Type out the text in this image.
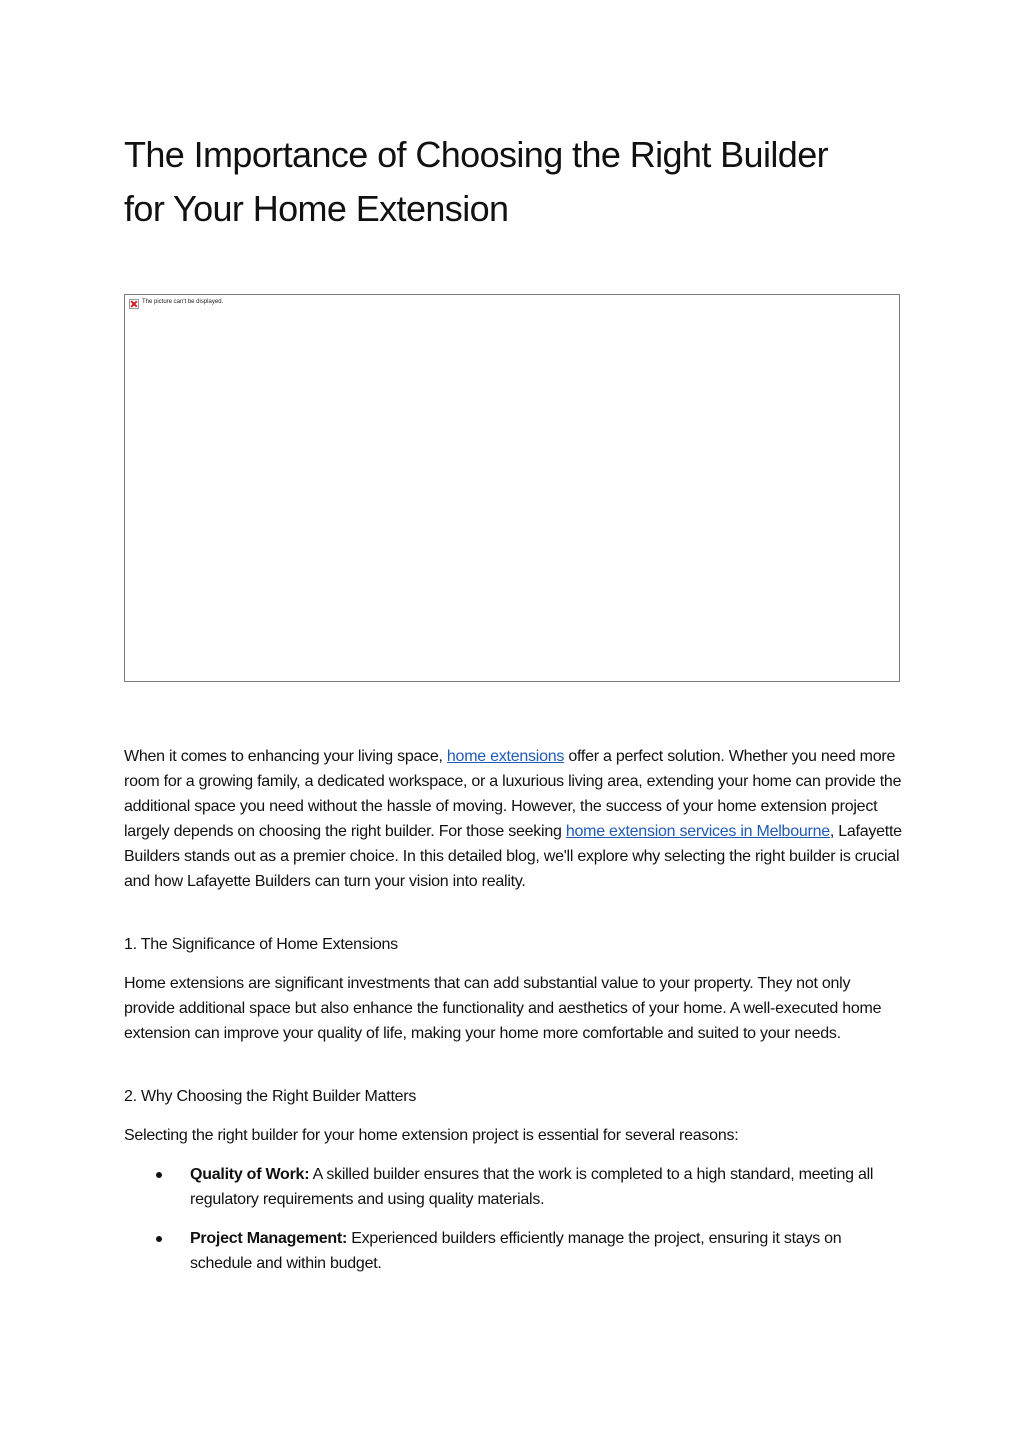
The Importance of Choosing the Right Builder
for Your Home Extension
The picture can't be displayed.

When it comes to enhancing your living space, home extensions offer a perfect solution. Whether you need more room for a growing family, a dedicated workspace, or a luxurious living area, extending your home can provide the additional space you need without the hassle of moving. However, the success of your home extension project largely depends on choosing the right builder. For those seeking home extension services in Melbourne, Lafayette Builders stands out as a premier choice. In this detailed blog, we'll explore why selecting the right builder is crucial and how Lafayette Builders can turn your vision into reality.

1. The Significance of Home Extensions

Home extensions are significant investments that can add substantial value to your property. They not only provide additional space but also enhance the functionality and aesthetics of your home. A well-executed home extension can improve your quality of life, making your home more comfortable and suited to your needs.

2. Why Choosing the Right Builder Matters

Selecting the right builder for your home extension project is essential for several reasons:

Quality of Work: A skilled builder ensures that the work is completed to a high standard, meeting all regulatory requirements and using quality materials.
Project Management: Experienced builders efficiently manage the project, ensuring it stays on schedule and within budget.
